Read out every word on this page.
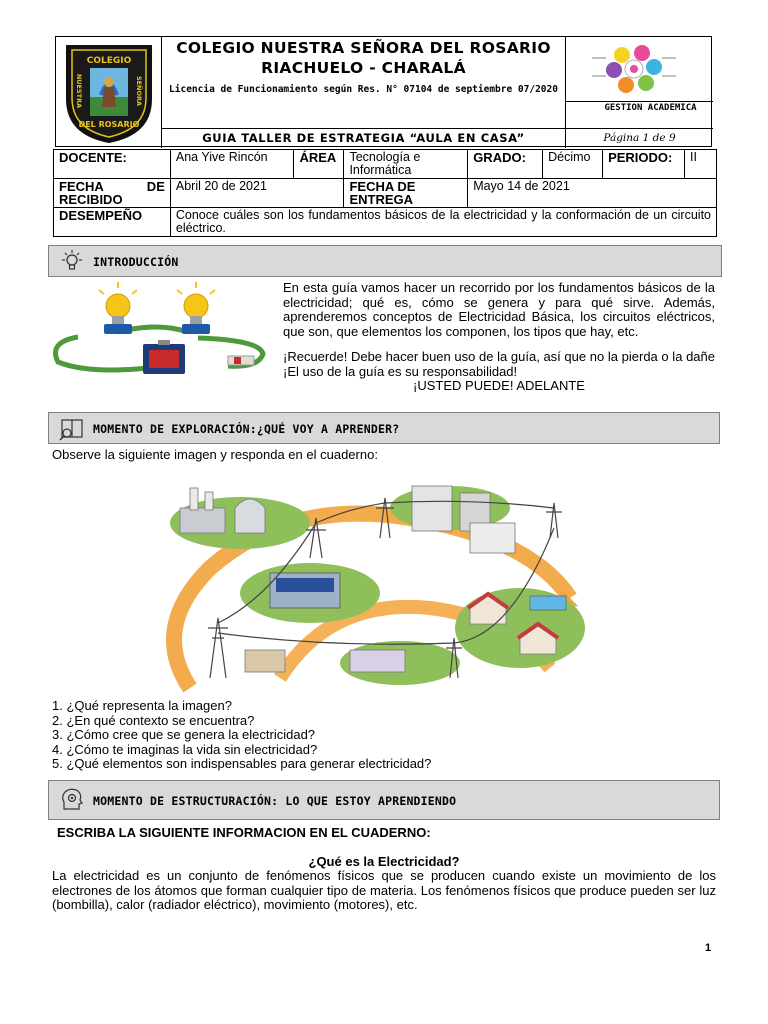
COLEGIO
NUESTRA	SEÑORA
DEL ROSARIO
COLEGIO NUESTRA SEÑORA DEL ROSARIO
RIACHUELO - CHARALÁ
Licencia de Funcionamiento según Res. N° 07104 de septiembre 07/2020
GUIA TALLER DE ESTRATEGIA “AULA EN CASA”
GESTION ACADEMICA
Página 1 de 9
DOCENTE:	Ana Yive Rincón	ÁREA	Tecnología e Informática	GRADO:	Décimo	PERIODO:	II
FECHA DE RECIBIDO	Abril 20 de 2021		FECHA DE ENTREGA	Mayo 14 de 2021			
DESEMPEÑO	Conoce cuáles son los fundamentos básicos de la electricidad y la conformación de un circuito eléctrico.						
INTRODUCCIÓN
En esta guía vamos hacer un recorrido por los fundamentos básicos de la electricidad; qué es, cómo se genera y para qué sirve. Además, aprenderemos conceptos de Electricidad Básica, los circuitos eléctricos, que son, que elementos los componen, los tipos que hay, etc.
¡Recuerde! Debe hacer buen uso de la guía, así que no la pierda o la dañe ¡El uso de la guía es su responsabilidad!
¡USTED PUEDE! ADELANTE
MOMENTO DE EXPLORACIÓN:¿QUÉ VOY A APRENDER?
Observe la siguiente imagen y responda en el cuaderno:
1. ¿Qué representa la imagen?
2. ¿En qué contexto se encuentra?
3. ¿Cómo cree que se genera la electricidad?
4. ¿Cómo te imaginas la vida sin electricidad?
5. ¿Qué elementos son indispensables para generar electricidad?
MOMENTO DE ESTRUCTURACIÓN: LO QUE ESTOY APRENDIENDO
ESCRIBA LA SIGUIENTE INFORMACION EN EL CUADERNO:
¿Qué es la Electricidad?
La electricidad es un conjunto de fenómenos físicos que se producen cuando existe un movimiento de los electrones de los átomos que forman cualquier tipo de materia. Los fenómenos físicos que produce pueden ser luz (bombilla), calor (radiador eléctrico), movimiento (motores), etc.
1
